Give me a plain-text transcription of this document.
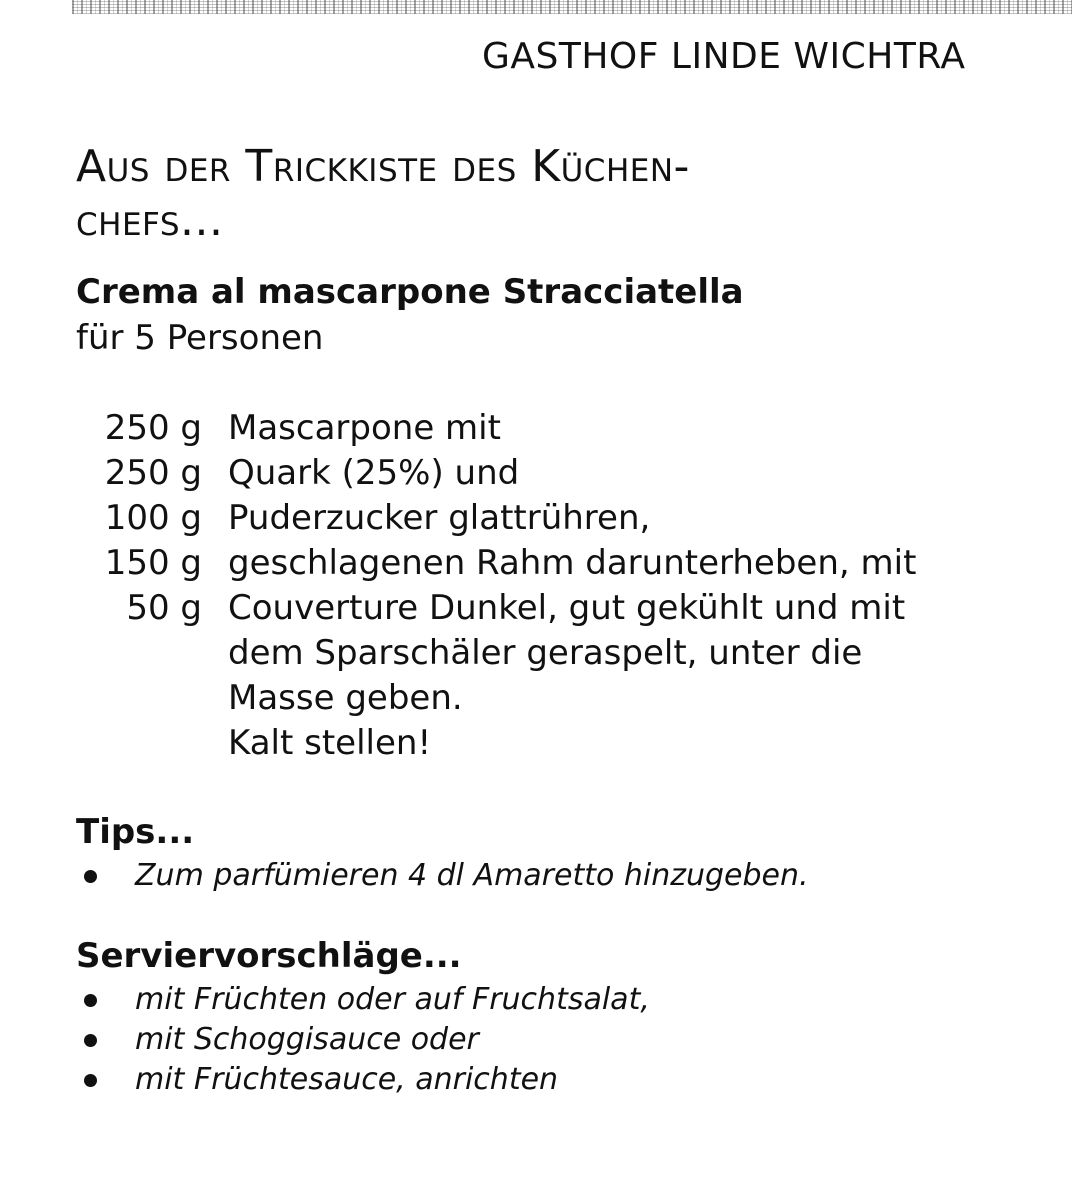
GASTHOF LINDE WICHTRA
Aus der Trickkiste des Küchen-
chefs...
Crema al mascarpone Stracciatella

für 5 Personen

250 g Mascarpone mit
250 g Quark (25%) und
100 g Puderzucker glattrühren,
150 g geschlagenen Rahm darunterheben, mit
50 g Couverture Dunkel, gut gekühlt und mit
dem Sparschäler geraspelt, unter die
Masse geben.
Kalt stellen!
Tips...
Zum parfümieren 4 dl Amaretto hinzugeben.
Serviervorschläge...
mit Früchten oder auf Fruchtsalat,
mit Schoggisauce oder
mit Früchtesauce, anrichten
